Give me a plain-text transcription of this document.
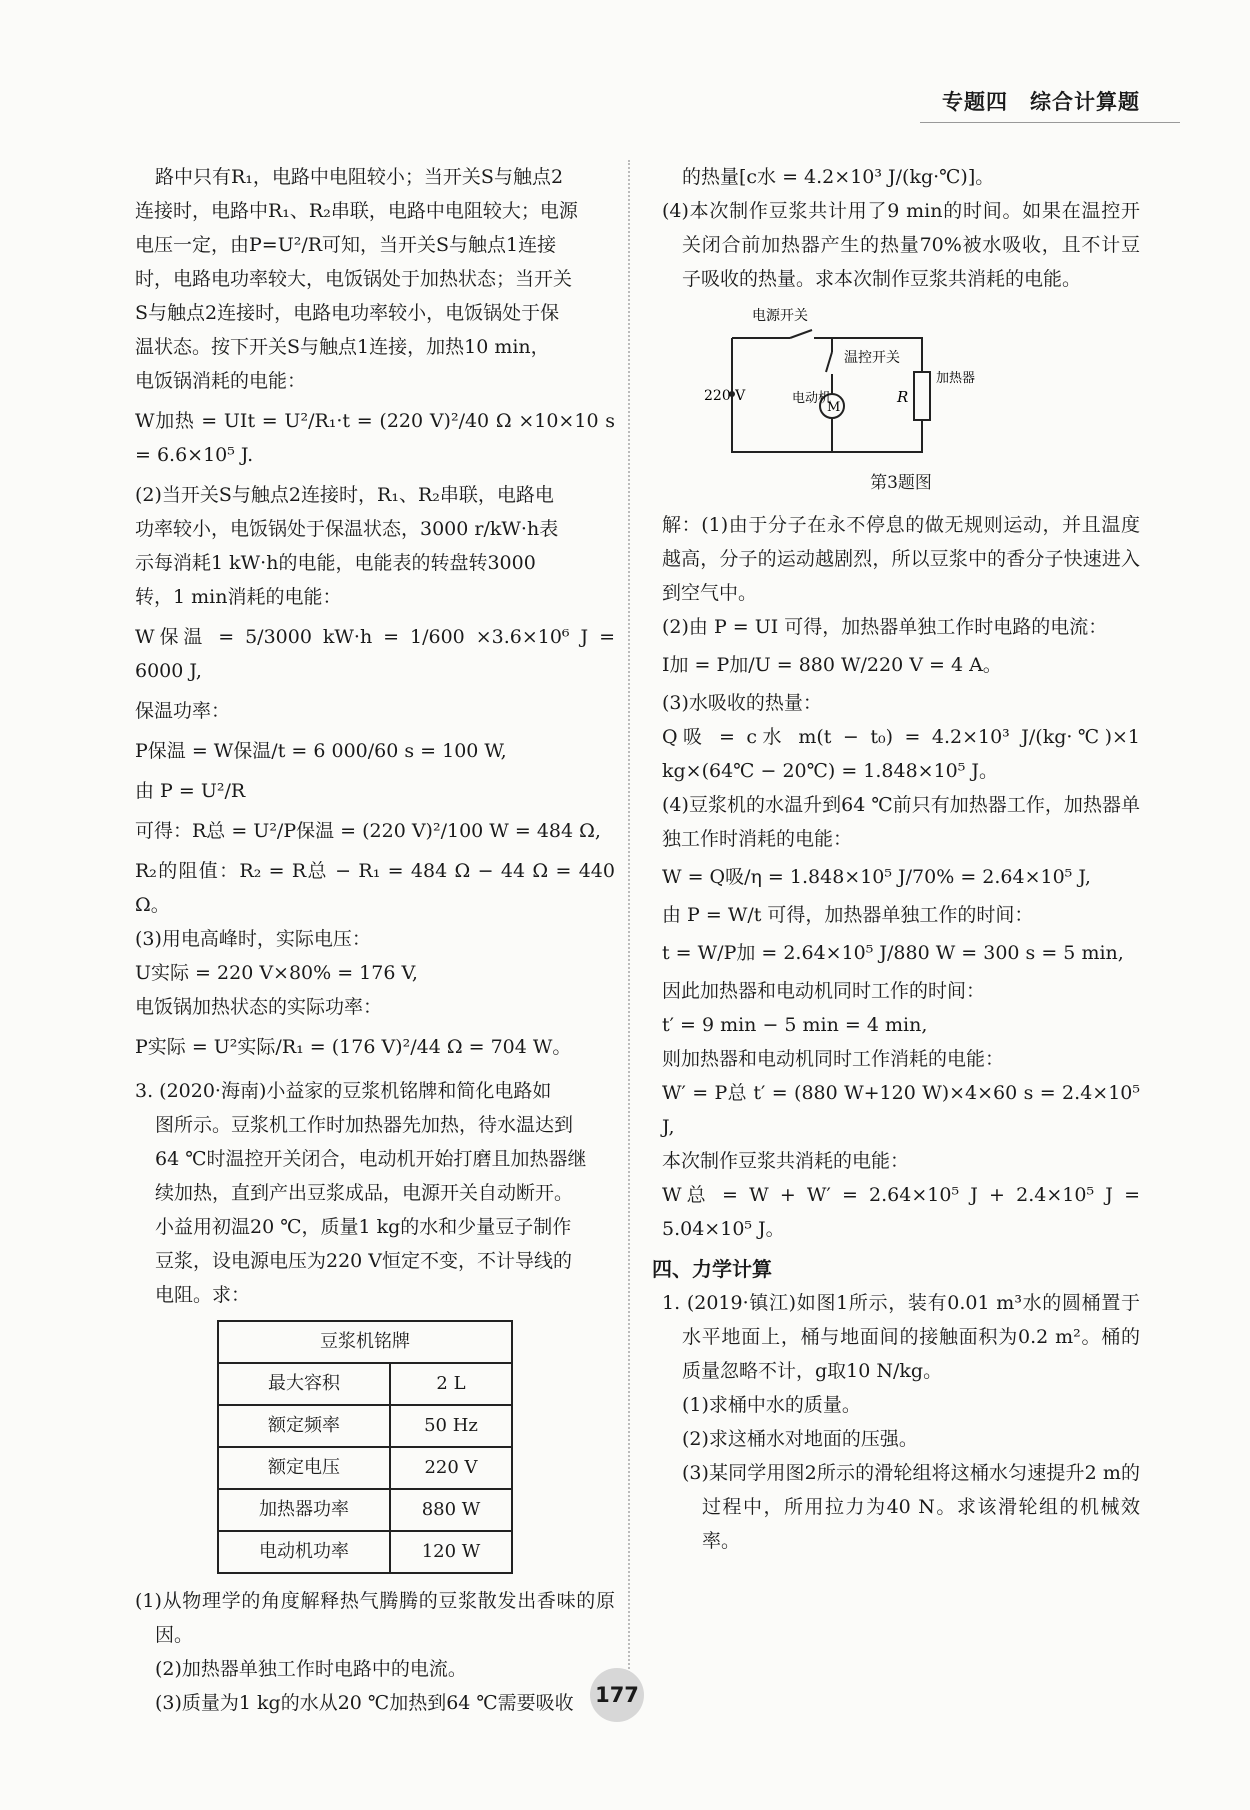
专题四　综合计算题

路中只有R₁，电路中电阻较小；当开关S与触点2

连接时，电路中R₁、R₂串联，电路中电阻较大；电源

电压一定，由P=U²/R可知，当开关S与触点1连接

时，电路电功率较大，电饭锅处于加热状态；当开关

S与触点2连接时，电路电功率较小，电饭锅处于保

温状态。按下开关S与触点1连接，加热10 min，

电饭锅消耗的电能：

W加热 = UIt = U²/R₁·t = (220 V)²/40 Ω ×10×10 s = 6.6×10⁵ J.

(2)当开关S与触点2连接时，R₁、R₂串联，电路电

功率较小，电饭锅处于保温状态，3000 r/kW·h表

示每消耗1 kW·h的电能，电能表的转盘转3000

转，1 min消耗的电能：

W保温 = 5/3000 kW·h = 1/600 ×3.6×10⁶ J = 6000 J,

保温功率：

P保温 = W保温/t = 6 000/60 s = 100 W,

由 P = U²/R

可得：R总 = U²/P保温 = (220 V)²/100 W = 484 Ω,

R₂的阻值：R₂ = R总 − R₁ = 484 Ω − 44 Ω = 440 Ω。

(3)用电高峰时，实际电压：

U实际 = 220 V×80% = 176 V,

电饭锅加热状态的实际功率：

P实际 = U²实际/R₁ = (176 V)²/44 Ω = 704 W。

3. (2020·海南)小益家的豆浆机铭牌和简化电路如

图所示。豆浆机工作时加热器先加热，待水温达到

64 ℃时温控开关闭合，电动机开始打磨且加热器继

续加热，直到产出豆浆成品，电源开关自动断开。

小益用初温20 ℃，质量1 kg的水和少量豆子制作

豆浆，设电源电压为220 V恒定不变，不计导线的

电阻。求：

豆浆机铭牌	
最大容积	2 L
额定频率	50 Hz
额定电压	220 V
加热器功率	880 W
电动机功率	120 W

(1)从物理学的角度解释热气腾腾的豆浆散发出香味的原因。

(2)加热器单独工作时电路中的电流。

(3)质量为1 kg的水从20 ℃加热到64 ℃需要吸收

的热量[c水 = 4.2×10³ J/(kg·℃)]。

(4)本次制作豆浆共计用了9 min的时间。如果在温控开关闭合前加热器产生的热量70%被水吸收，且不计豆子吸收的热量。求本次制作豆浆共消耗的电能。

220 V
电源开关
温控开关
M
电动机	R
加热器
第3题图

解：(1)由于分子在永不停息的做无规则运动，并且温度越高，分子的运动越剧烈，所以豆浆中的香分子快速进入到空气中。

(2)由 P = UI 可得，加热器单独工作时电路的电流：

I加 = P加/U = 880 W/220 V = 4 A。

(3)水吸收的热量：

Q吸 = c水 m(t − t₀) = 4.2×10³ J/(kg·℃)×1 kg×(64℃ − 20℃) = 1.848×10⁵ J。

(4)豆浆机的水温升到64 ℃前只有加热器工作，加热器单独工作时消耗的电能：

W = Q吸/η = 1.848×10⁵ J/70% = 2.64×10⁵ J,

由 P = W/t 可得，加热器单独工作的时间：

t = W/P加 = 2.64×10⁵ J/880 W = 300 s = 5 min,

因此加热器和电动机同时工作的时间：

t′ = 9 min − 5 min = 4 min,

则加热器和电动机同时工作消耗的电能：

W′ = P总 t′ = (880 W+120 W)×4×60 s = 2.4×10⁵ J,

本次制作豆浆共消耗的电能：

W总 = W + W′ = 2.64×10⁵ J + 2.4×10⁵ J = 5.04×10⁵ J。

四、力学计算

1. (2019·镇江)如图1所示，装有0.01 m³水的圆桶置于水平地面上，桶与地面间的接触面积为0.2 m²。桶的质量忽略不计，g取10 N/kg。

(1)求桶中水的质量。

(2)求这桶水对地面的压强。

(3)某同学用图2所示的滑轮组将这桶水匀速提升2 m的过程中，所用拉力为40 N。求该滑轮组的机械效率。

177
